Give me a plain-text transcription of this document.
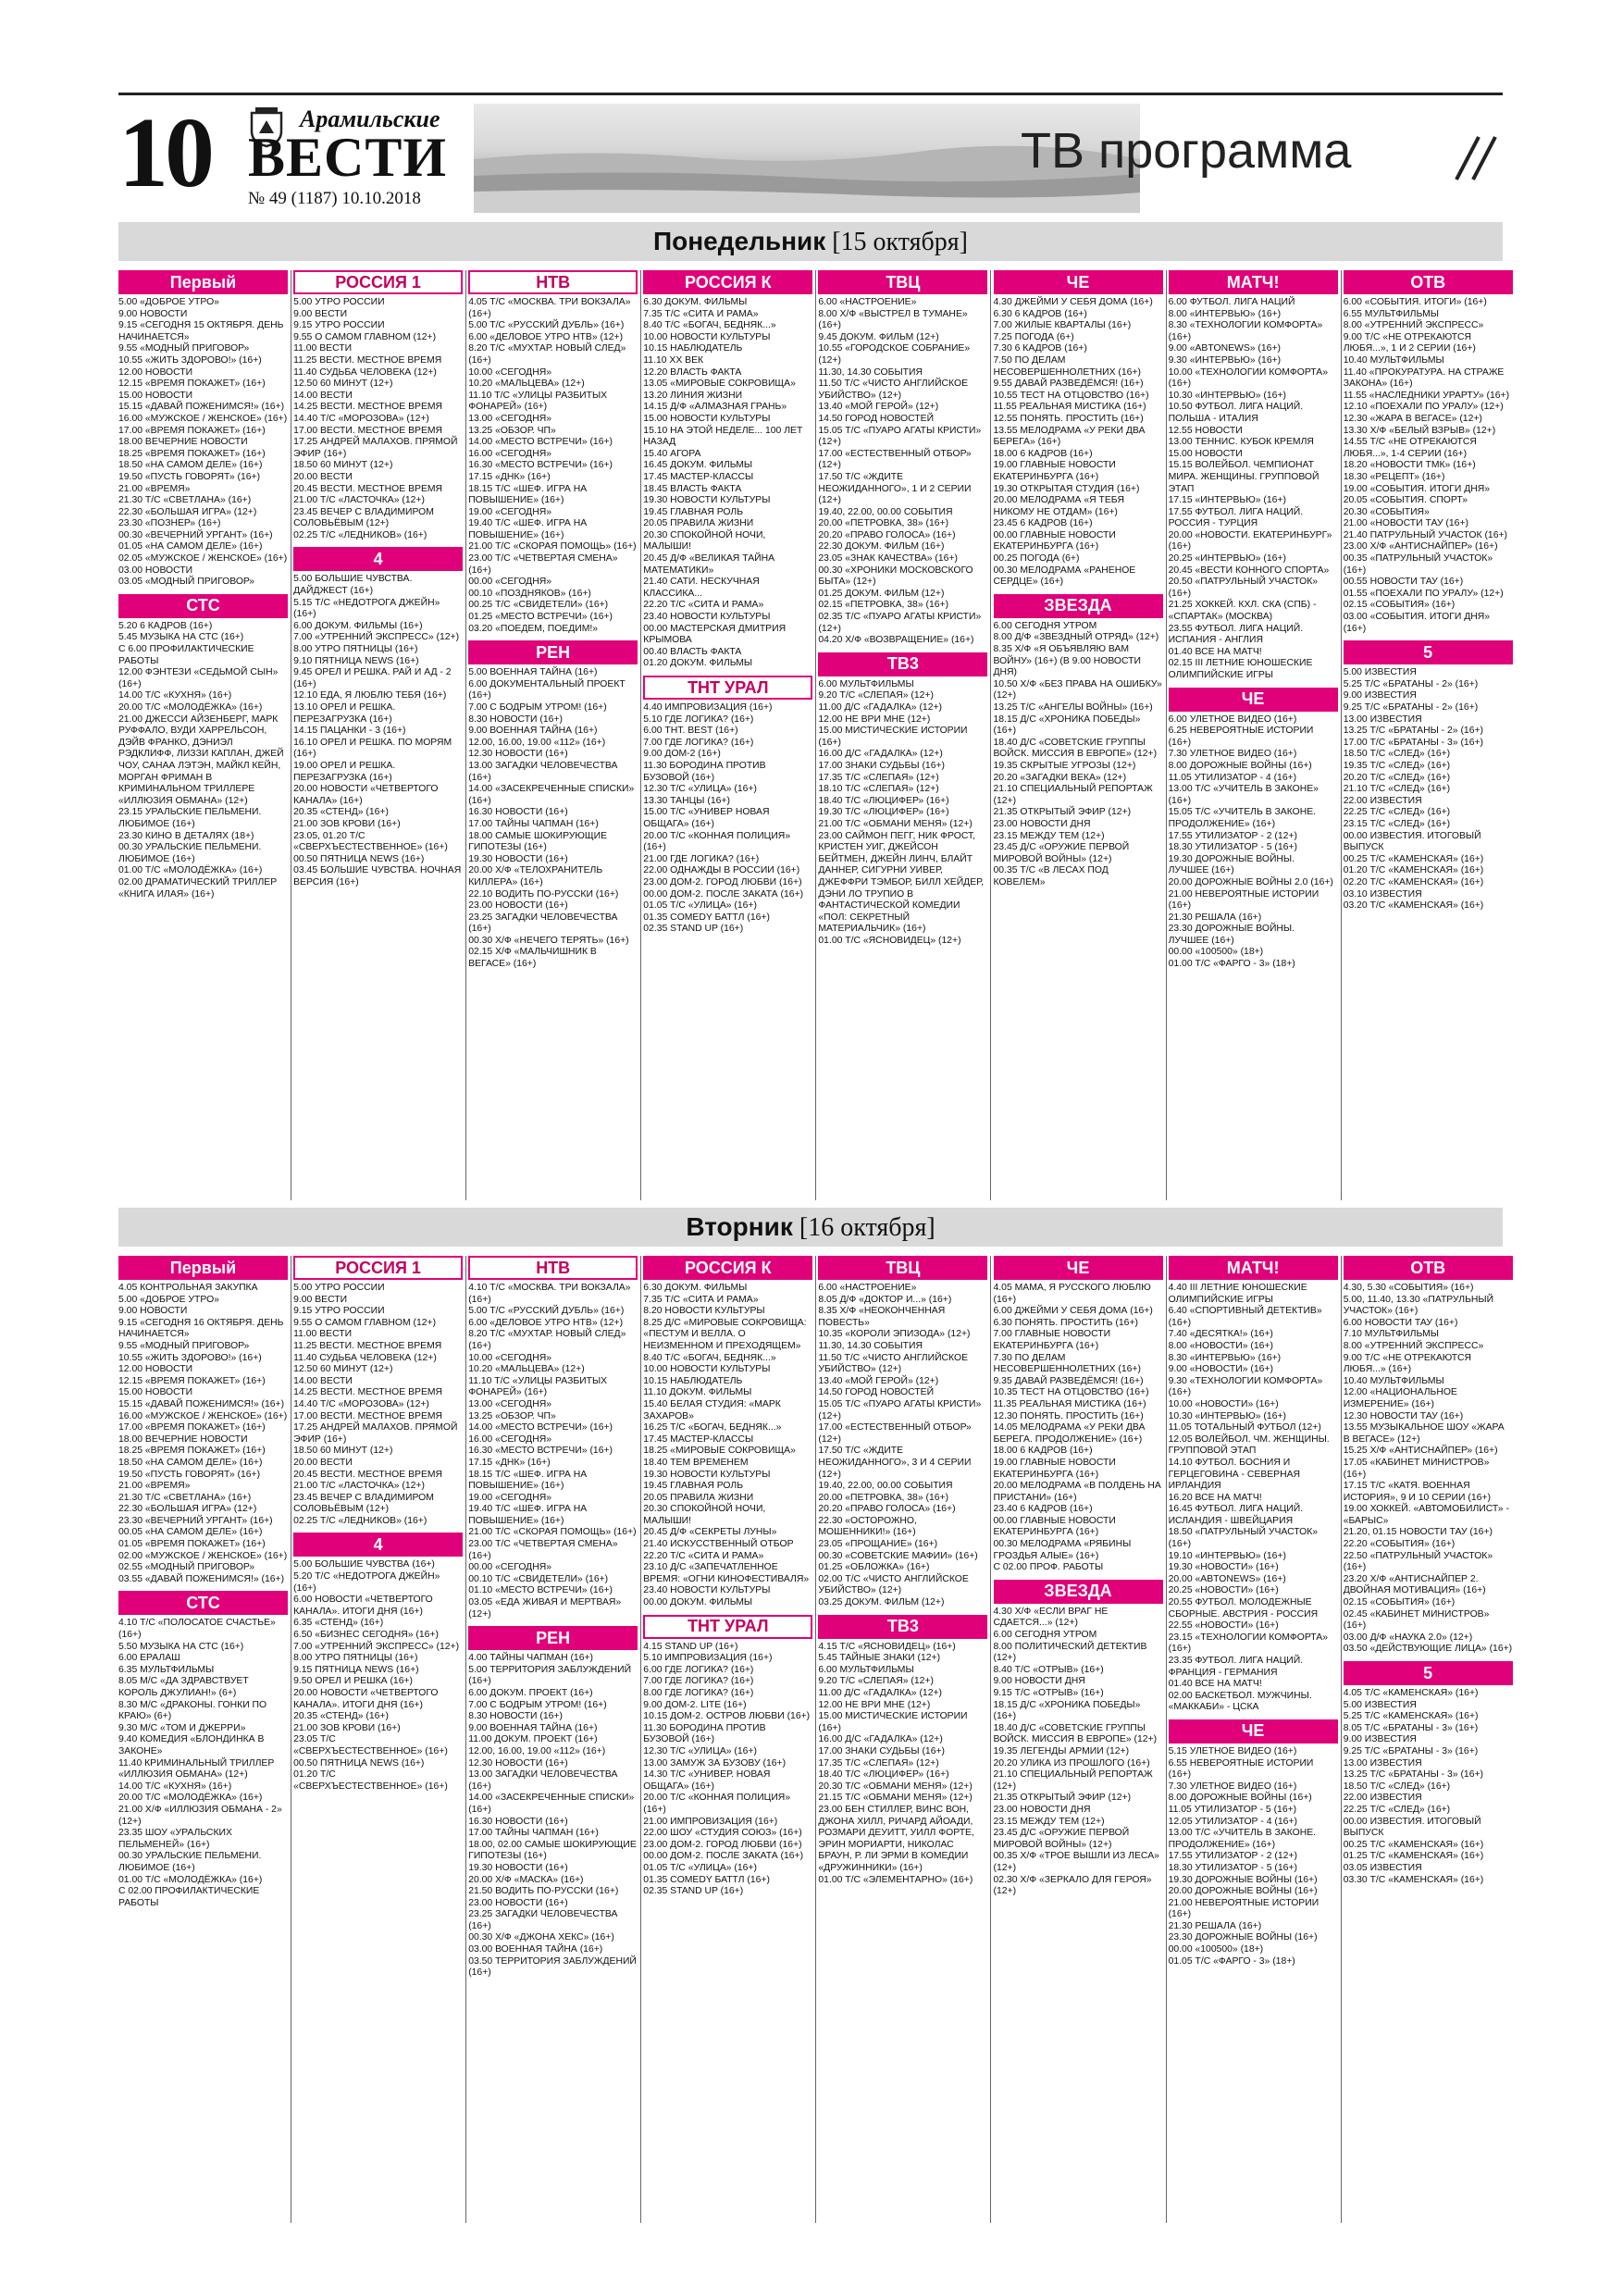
10	Арамильские
ВЕСТИ
№ 49 (1187) 10.10.2018
ТВ программа
Понедельник [15 октября]
Первый
5.00 «ДОБРОЕ УТРО»
9.00 НОВОСТИ
9.15 «СЕГОДНЯ 15 ОКТЯБРЯ. ДЕНЬ НАЧИНАЕТСЯ»
9.55 «МОДНЫЙ ПРИГОВОР»
10.55 «ЖИТЬ ЗДОРОВО!» (16+)
12.00 НОВОСТИ
12.15 «ВРЕМЯ ПОКАЖЕТ» (16+)
15.00 НОВОСТИ
15.15 «ДАВАЙ ПОЖЕНИМСЯ!» (16+)
16.00 «МУЖСКОЕ / ЖЕНСКОЕ» (16+)
17.00 «ВРЕМЯ ПОКАЖЕТ» (16+)
18.00 ВЕЧЕРНИЕ НОВОСТИ
18.25 «ВРЕМЯ ПОКАЖЕТ» (16+)
18.50 «НА САМОМ ДЕЛЕ» (16+)
19.50 «ПУСТЬ ГОВОРЯТ» (16+)
21.00 «ВРЕМЯ»
21.30 Т/С «СВЕТЛАНА» (16+)
22.30 «БОЛЬШАЯ ИГРА» (12+)
23.30 «ПОЗНЕР» (16+)
00.30 «ВЕЧЕРНИЙ УРГАНТ» (16+)
01.05 «НА САМОМ ДЕЛЕ» (16+)
02.05 «МУЖСКОЕ / ЖЕНСКОЕ» (16+)
03.00 НОВОСТИ
03.05 «МОДНЫЙ ПРИГОВОР»
СТС
5.20 6 КАДРОВ (16+)
5.45 МУЗЫКА НА СТС (16+)
С 6.00 ПРОФИЛАКТИЧЕСКИЕ РАБОТЫ
12.00 ФЭНТЕЗИ «СЕДЬМОЙ СЫН» (16+)
14.00 Т/С «КУХНЯ» (16+)
20.00 Т/С «МОЛОДЁЖКА» (16+)
21.00 ДЖЕССИ АЙЗЕНБЕРГ, МАРК РУФФАЛО, ВУДИ ХАРРЕЛЬСОН, ДЭЙВ ФРАНКО, ДЭНИЭЛ РЭДКЛИФФ, ЛИЗЗИ КАПЛАН, ДЖЕЙ ЧОУ, САНАА ЛЭТЭН, МАЙКЛ КЕЙН, МОРГАН ФРИМАН В КРИМИНАЛЬНОМ ТРИЛЛЕРЕ «ИЛЛЮЗИЯ ОБМАНА» (12+)
23.15 УРАЛЬСКИЕ ПЕЛЬМЕНИ. ЛЮБИМОЕ (16+)
23.30 КИНО В ДЕТАЛЯХ (18+)
00.30 УРАЛЬСКИЕ ПЕЛЬМЕНИ. ЛЮБИМОЕ (16+)
01.00 Т/С «МОЛОДЁЖКА» (16+)
02.00 ДРАМАТИЧЕСКИЙ ТРИЛЛЕР «КНИГА ИЛАЯ» (16+)
РОССИЯ 1
5.00 УТРО РОССИИ
9.00 ВЕСТИ
9.15 УТРО РОССИИ
9.55 О САМОМ ГЛАВНОМ (12+)
11.00 ВЕСТИ
11.25 ВЕСТИ. МЕСТНОЕ ВРЕМЯ
11.40 СУДЬБА ЧЕЛОВЕКА (12+)
12.50 60 МИНУТ (12+)
14.00 ВЕСТИ
14.25 ВЕСТИ. МЕСТНОЕ ВРЕМЯ
14.40 Т/С «МОРОЗОВА» (12+)
17.00 ВЕСТИ. МЕСТНОЕ ВРЕМЯ
17.25 АНДРЕЙ МАЛАХОВ. ПРЯМОЙ ЭФИР (16+)
18.50 60 МИНУТ (12+)
20.00 ВЕСТИ
20.45 ВЕСТИ. МЕСТНОЕ ВРЕМЯ
21.00 Т/С «ЛАСТОЧКА» (12+)
23.45 ВЕЧЕР С ВЛАДИМИРОМ СОЛОВЬЁВЫМ (12+)
02.25 Т/С «ЛЕДНИКОВ» (16+)
4
5.00 БОЛЬШИЕ ЧУВСТВА. ДАЙДЖЕСТ (16+)
5.15 Т/С «НЕДОТРОГА ДЖЕЙН» (16+)
6.00 ДОКУМ. ФИЛЬМЫ (16+)
7.00 «УТРЕННИЙ ЭКСПРЕСС» (12+)
8.00 УТРО ПЯТНИЦЫ (16+)
9.10 ПЯТНИЦА NEWS (16+)
9.45 ОРЕЛ И РЕШКА. РАЙ И АД - 2 (16+)
12.10 ЕДА, Я ЛЮБЛЮ ТЕБЯ (16+)
13.10 ОРЕЛ И РЕШКА. ПЕРЕЗАГРУЗКА (16+)
14.15 ПАЦАНКИ - 3 (16+)
16.10 ОРЕЛ И РЕШКА. ПО МОРЯМ (16+)
19.00 ОРЕЛ И РЕШКА. ПЕРЕЗАГРУЗКА (16+)
20.00 НОВОСТИ «ЧЕТВЕРТОГО КАНАЛА» (16+)
20.35 «СТЕНД» (16+)
21.00 ЗОВ КРОВИ (16+)
23.05, 01.20 Т/С «СВЕРХЪЕСТЕСТВЕННОЕ» (16+)
00.50 ПЯТНИЦА NEWS (16+)
03.45 БОЛЬШИЕ ЧУВСТВА. НОЧНАЯ ВЕРСИЯ (16+)
НТВ
4.05 Т/С «МОСКВА. ТРИ ВОКЗАЛА» (16+)
5.00 Т/С «РУССКИЙ ДУБЛЬ» (16+)
6.00 «ДЕЛОВОЕ УТРО НТВ» (12+)
8.20 Т/С «МУХТАР. НОВЫЙ СЛЕД» (16+)
10.00 «СЕГОДНЯ»
10.20 «МАЛЬЦЕВА» (12+)
11.10 Т/С «УЛИЦЫ РАЗБИТЫХ ФОНАРЕЙ» (16+)
13.00 «СЕГОДНЯ»
13.25 «ОБЗОР. ЧП»
14.00 «МЕСТО ВСТРЕЧИ» (16+)
16.00 «СЕГОДНЯ»
16.30 «МЕСТО ВСТРЕЧИ» (16+)
17.15 «ДНК» (16+)
18.15 Т/С «ШЕФ. ИГРА НА ПОВЫШЕНИЕ» (16+)
19.00 «СЕГОДНЯ»
19.40 Т/С «ШЕФ. ИГРА НА ПОВЫШЕНИЕ» (16+)
21.00 Т/С «СКОРАЯ ПОМОЩЬ» (16+)
23.00 Т/С «ЧЕТВЕРТАЯ СМЕНА» (16+)
00.00 «СЕГОДНЯ»
00.10 «ПОЗДНЯКОВ» (16+)
00.25 Т/С «СВИДЕТЕЛИ» (16+)
01.25 «МЕСТО ВСТРЕЧИ» (16+)
03.20 «ПОЕДЕМ, ПОЕДИМ!»
РЕН
5.00 ВОЕННАЯ ТАЙНА (16+)
6.00 ДОКУМЕНТАЛЬНЫЙ ПРОЕКТ (16+)
7.00 С БОДРЫМ УТРОМ! (16+)
8.30 НОВОСТИ (16+)
9.00 ВОЕННАЯ ТАЙНА (16+)
12.00, 16.00, 19.00 «112» (16+)
12.30 НОВОСТИ (16+)
13.00 ЗАГАДКИ ЧЕЛОВЕЧЕСТВА (16+)
14.00 «ЗАСЕКРЕЧЕННЫЕ СПИСКИ» (16+)
16.30 НОВОСТИ (16+)
17.00 ТАЙНЫ ЧАПМАН (16+)
18.00 САМЫЕ ШОКИРУЮЩИЕ ГИПОТЕЗЫ (16+)
19.30 НОВОСТИ (16+)
20.00 Х/Ф «ТЕЛОХРАНИТЕЛЬ КИЛЛЕРА» (16+)
22.10 ВОДИТЬ ПО-РУССКИ (16+)
23.00 НОВОСТИ (16+)
23.25 ЗАГАДКИ ЧЕЛОВЕЧЕСТВА (16+)
00.30 Х/Ф «НЕЧЕГО ТЕРЯТЬ» (16+)
02.15 Х/Ф «МАЛЬЧИШНИК В ВЕГАСЕ» (16+)
РОССИЯ К
6.30 ДОКУМ. ФИЛЬМЫ
7.35 Т/С «СИТА И РАМА»
8.40 Т/С «БОГАЧ, БЕДНЯК...»
10.00 НОВОСТИ КУЛЬТУРЫ
10.15 НАБЛЮДАТЕЛЬ
11.10 XX ВЕК
12.20 ВЛАСТЬ ФАКТА
13.05 «МИРОВЫЕ СОКРОВИЩА»
13.20 ЛИНИЯ ЖИЗНИ
14.15 Д/Ф «АЛМАЗНАЯ ГРАНЬ»
15.00 НОВОСТИ КУЛЬТУРЫ
15.10 НА ЭТОЙ НЕДЕЛЕ... 100 ЛЕТ НАЗАД
15.40 АГОРА
16.45 ДОКУМ. ФИЛЬМЫ
17.45 МАСТЕР-КЛАССЫ
18.45 ВЛАСТЬ ФАКТА
19.30 НОВОСТИ КУЛЬТУРЫ
19.45 ГЛАВНАЯ РОЛЬ
20.05 ПРАВИЛА ЖИЗНИ
20.30 СПОКОЙНОЙ НОЧИ, МАЛЫШИ!
20.45 Д/Ф «ВЕЛИКАЯ ТАЙНА МАТЕМАТИКИ»
21.40 САТИ. НЕСКУЧНАЯ КЛАССИКА...
22.20 Т/С «СИТА И РАМА»
23.40 НОВОСТИ КУЛЬТУРЫ
00.00 МАСТЕРСКАЯ ДМИТРИЯ КРЫМОВА
00.40 ВЛАСТЬ ФАКТА
01.20 ДОКУМ. ФИЛЬМЫ
ТНТ УРАЛ
4.40 ИМПРОВИЗАЦИЯ (16+)
5.10 ГДЕ ЛОГИКА? (16+)
6.00 ТНТ. BEST (16+)
7.00 ГДЕ ЛОГИКА? (16+)
9.00 ДОМ-2 (16+)
11.30 БОРОДИНА ПРОТИВ БУЗОВОЙ (16+)
12.30 Т/С «УЛИЦА» (16+)
13.30 ТАНЦЫ (16+)
15.00 Т/С «УНИВЕР НОВАЯ ОБЩАГА» (16+)
20.00 Т/С «КОННАЯ ПОЛИЦИЯ» (16+)
21.00 ГДЕ ЛОГИКА? (16+)
22.00 ОДНАЖДЫ В РОССИИ (16+)
23.00 ДОМ-2. ГОРОД ЛЮБВИ (16+)
00.00 ДОМ-2. ПОСЛЕ ЗАКАТА (16+)
01.05 Т/С «УЛИЦА» (16+)
01.35 COMEDY БАТТЛ (16+)
02.35 STAND UP (16+)
ТВЦ
6.00 «НАСТРОЕНИЕ»
8.00 Х/Ф «ВЫСТРЕЛ В ТУМАНЕ» (16+)
9.45 ДОКУМ. ФИЛЬМ (12+)
10.55 «ГОРОДСКОЕ СОБРАНИЕ» (12+)
11.30, 14.30 СОБЫТИЯ
11.50 Т/С «ЧИСТО АНГЛИЙСКОЕ УБИЙСТВО» (12+)
13.40 «МОЙ ГЕРОЙ» (12+)
14.50 ГОРОД НОВОСТЕЙ
15.05 Т/С «ПУАРО АГАТЫ КРИСТИ» (12+)
17.00 «ЕСТЕСТВЕННЫЙ ОТБОР» (12+)
17.50 Т/С «ЖДИТЕ НЕОЖИДАННОГО», 1 И 2 СЕРИИ (12+)
19.40, 22.00, 00.00 СОБЫТИЯ
20.00 «ПЕТРОВКА, 38» (16+)
20.20 «ПРАВО ГОЛОСА» (16+)
22.30 ДОКУМ. ФИЛЬМ (16+)
23.05 «ЗНАК КАЧЕСТВА» (16+)
00.30 «ХРОНИКИ МОСКОВСКОГО БЫТА» (12+)
01.25 ДОКУМ. ФИЛЬМ (12+)
02.15 «ПЕТРОВКА, 38» (16+)
02.35 Т/С «ПУАРО АГАТЫ КРИСТИ» (12+)
04.20 Х/Ф «ВОЗВРАЩЕНИЕ» (16+)
ТВ3
6.00 МУЛЬТФИЛЬМЫ
9.20 Т/С «СЛЕПАЯ» (12+)
11.00 Д/С «ГАДАЛКА» (12+)
12.00 НЕ ВРИ МНЕ (12+)
15.00 МИСТИЧЕСКИЕ ИСТОРИИ (16+)
16.00 Д/С «ГАДАЛКА» (12+)
17.00 ЗНАКИ СУДЬБЫ (16+)
17.35 Т/С «СЛЕПАЯ» (12+)
18.10 Т/С «СЛЕПАЯ» (12+)
18.40 Т/С «ЛЮЦИФЕР» (16+)
19.30 Т/С «ЛЮЦИФЕР» (16+)
21.00 Т/С «ОБМАНИ МЕНЯ» (12+)
23.00 САЙМОН ПЕГГ, НИК ФРОСТ, КРИСТЕН УИГ, ДЖЕЙСОН БЕЙТМЕН, ДЖЕЙН ЛИНЧ, БЛАЙТ ДАННЕР, СИГУРНИ УИВЕР, ДЖЕФФРИ ТЭМБОР, БИЛЛ ХЕЙДЕР, ДЭНИ ЛО ТРУПИО В ФАНТАСТИЧЕСКОЙ КОМЕДИИ «ПОЛ: СЕКРЕТНЫЙ МАТЕРИАЛЬЧИК» (16+)
01.00 Т/С «ЯСНОВИДЕЦ» (12+)
ЧЕ
4.30 ДЖЕЙМИ У СЕБЯ ДОМА (16+)
6.30 6 КАДРОВ (16+)
7.00 ЖИЛЫЕ КВАРТАЛЫ (16+)
7.25 ПОГОДА (6+)
7.30 6 КАДРОВ (16+)
7.50 ПО ДЕЛАМ НЕСОВЕРШЕННОЛЕТНИХ (16+)
9.55 ДАВАЙ РАЗВЕДЁМСЯ! (16+)
10.55 ТЕСТ НА ОТЦОВСТВО (16+)
11.55 РЕАЛЬНАЯ МИСТИКА (16+)
12.55 ПОНЯТЬ. ПРОСТИТЬ (16+)
13.55 МЕЛОДРАМА «У РЕКИ ДВА БЕРЕГА» (16+)
18.00 6 КАДРОВ (16+)
19.00 ГЛАВНЫЕ НОВОСТИ ЕКАТЕРИНБУРГА (16+)
19.30 ОТКРЫТАЯ СТУДИЯ (16+)
20.00 МЕЛОДРАМА «Я ТЕБЯ НИКОМУ НЕ ОТДАМ» (16+)
23.45 6 КАДРОВ (16+)
00.00 ГЛАВНЫЕ НОВОСТИ ЕКАТЕРИНБУРГА (16+)
00.25 ПОГОДА (6+)
00.30 МЕЛОДРАМА «РАНЕНОЕ СЕРДЦЕ» (16+)
ЗВЕЗДА
6.00 СЕГОДНЯ УТРОМ
8.00 Д/Ф «ЗВЕЗДНЫЙ ОТРЯД» (12+)
8.35 Х/Ф «Я ОБЪЯВЛЯЮ ВАМ ВОЙНУ» (16+) (В 9.00 НОВОСТИ ДНЯ)
10.50 Х/Ф «БЕЗ ПРАВА НА ОШИБКУ» (12+)
13.25 Т/С «АНГЕЛЫ ВОЙНЫ» (16+)
18.15 Д/С «ХРОНИКА ПОБЕДЫ» (16+)
18.40 Д/С «СОВЕТСКИЕ ГРУППЫ ВОЙСК. МИССИЯ В ЕВРОПЕ» (12+)
19.35 СКРЫТЫЕ УГРОЗЫ (12+)
20.20 «ЗАГАДКИ ВЕКА» (12+)
21.10 СПЕЦИАЛЬНЫЙ РЕПОРТАЖ (12+)
21.35 ОТКРЫТЫЙ ЭФИР (12+)
23.00 НОВОСТИ ДНЯ
23.15 МЕЖДУ ТЕМ (12+)
23.45 Д/С «ОРУЖИЕ ПЕРВОЙ МИРОВОЙ ВОЙНЫ» (12+)
00.35 Т/С «В ЛЕСАХ ПОД КОВЕЛЕМ»
МАТЧ!
6.00 ФУТБОЛ. ЛИГА НАЦИЙ
8.00 «ИНТЕРВЬЮ» (16+)
8.30 «ТЕХНОЛОГИИ КОМФОРТА» (16+)
9.00 «ABTONEWS» (16+)
9.30 «ИНТЕРВЬЮ» (16+)
10.00 «ТЕХНОЛОГИИ КОМФОРТА» (16+)
10.30 «ИНТЕРВЬЮ» (16+)
10.50 ФУТБОЛ. ЛИГА НАЦИЙ. ПОЛЬША - ИТАЛИЯ
12.55 НОВОСТИ
13.00 ТЕННИС. КУБОК КРЕМЛЯ
15.00 НОВОСТИ
15.15 ВОЛЕЙБОЛ. ЧЕМПИОНАТ МИРА. ЖЕНЩИНЫ. ГРУППОВОЙ ЭТАП
17.15 «ИНТЕРВЬЮ» (16+)
17.55 ФУТБОЛ. ЛИГА НАЦИЙ. РОССИЯ - ТУРЦИЯ
20.00 «НОВОСТИ. ЕКАТЕРИНБУРГ» (16+)
20.25 «ИНТЕРВЬЮ» (16+)
20.45 «ВЕСТИ КОННОГО СПОРТА»
20.50 «ПАТРУЛЬНЫЙ УЧАСТОК» (16+)
21.25 ХОККЕЙ. КХЛ. СКА (СПБ) - «СПАРТАК» (МОСКВА)
23.55 ФУТБОЛ. ЛИГА НАЦИЙ. ИСПАНИЯ - АНГЛИЯ
01.40 ВСЕ НА МАТЧ!
02.15 III ЛЕТНИЕ ЮНОШЕСКИЕ ОЛИМПИЙСКИЕ ИГРЫ
ЧЕ
6.00 УЛЕТНОЕ ВИДЕО (16+)
6.25 НЕВЕРОЯТНЫЕ ИСТОРИИ (16+)
7.30 УЛЕТНОЕ ВИДЕО (16+)
8.00 ДОРОЖНЫЕ ВОЙНЫ (16+)
11.05 УТИЛИЗАТОР - 4 (16+)
13.00 Т/С «УЧИТЕЛЬ В ЗАКОНЕ» (16+)
15.05 Т/С «УЧИТЕЛЬ В ЗАКОНЕ. ПРОДОЛЖЕНИЕ» (16+)
17.55 УТИЛИЗАТОР - 2 (12+)
18.30 УТИЛИЗАТОР - 5 (16+)
19.30 ДОРОЖНЫЕ ВОЙНЫ. ЛУЧШЕЕ (16+)
20.00 ДОРОЖНЫЕ ВОЙНЫ 2.0 (16+)
21.00 НЕВЕРОЯТНЫЕ ИСТОРИИ (16+)
21.30 РЕШАЛА (16+)
23.30 ДОРОЖНЫЕ ВОЙНЫ. ЛУЧШЕЕ (16+)
00.00 «100500» (18+)
01.00 Т/С «ФАРГО - 3» (18+)
ОТВ
6.00 «СОБЫТИЯ. ИТОГИ» (16+)
6.55 МУЛЬТФИЛЬМЫ
8.00 «УТРЕННИЙ ЭКСПРЕСС»
9.00 Т/С «НЕ ОТРЕКАЮТСЯ ЛЮБЯ...», 1 И 2 СЕРИИ (16+)
10.40 МУЛЬТФИЛЬМЫ
11.40 «ПРОКУРАТУРА. НА СТРАЖЕ ЗАКОНА» (16+)
11.55 «НАСЛЕДНИКИ УРАРТУ» (16+)
12.10 «ПОЕХАЛИ ПО УРАЛУ» (12+)
12.30 «ЖАРА В ВЕГАСЕ» (12+)
13.30 Х/Ф «БЕЛЫЙ ВЗРЫВ» (12+)
14.55 Т/С «НЕ ОТРЕКАЮТСЯ ЛЮБЯ...», 1-4 СЕРИИ (16+)
18.20 «НОВОСТИ ТМК» (16+)
18.30 «РЕЦЕПТ» (16+)
19.00 «СОБЫТИЯ. ИТОГИ ДНЯ»
20.05 «СОБЫТИЯ. СПОРТ»
20.30 «СОБЫТИЯ»
21.00 «НОВОСТИ ТАУ (16+)
21.40 ПАТРУЛЬНЫЙ УЧАСТОК (16+)
23.00 Х/Ф «АНТИСНАЙПЕР» (16+)
00.35 «ПАТРУЛЬНЫЙ УЧАСТОК» (16+)
00.55 НОВОСТИ ТАУ (16+)
01.55 «ПОЕХАЛИ ПО УРАЛУ» (12+)
02.15 «СОБЫТИЯ» (16+)
03.00 «СОБЫТИЯ. ИТОГИ ДНЯ» (16+)
5
5.00 ИЗВЕСТИЯ
5.25 Т/С «БРАТАНЫ - 2» (16+)
9.00 ИЗВЕСТИЯ
9.25 Т/С «БРАТАНЫ - 2» (16+)
13.00 ИЗВЕСТИЯ
13.25 Т/С «БРАТАНЫ - 2» (16+)
17.00 Т/С «БРАТАНЫ - 3» (16+)
18.50 Т/С «СЛЕД» (16+)
19.35 Т/С «СЛЕД» (16+)
20.20 Т/С «СЛЕД» (16+)
21.10 Т/С «СЛЕД» (16+)
22.00 ИЗВЕСТИЯ
22.25 Т/С «СЛЕД» (16+)
23.15 Т/С «СЛЕД» (16+)
00.00 ИЗВЕСТИЯ. ИТОГОВЫЙ ВЫПУСК
00.25 Т/С «КАМЕНСКАЯ» (16+)
01.20 Т/С «КАМЕНСКАЯ» (16+)
02.20 Т/С «КАМЕНСКАЯ» (16+)
03.10 ИЗВЕСТИЯ
03.20 Т/С «КАМЕНСКАЯ» (16+)
Вторник [16 октября]
Первый
4.05 КОНТРОЛЬНАЯ ЗАКУПКА
5.00 «ДОБРОЕ УТРО»
9.00 НОВОСТИ
9.15 «СЕГОДНЯ 16 ОКТЯБРЯ. ДЕНЬ НАЧИНАЕТСЯ»
9.55 «МОДНЫЙ ПРИГОВОР»
10.55 «ЖИТЬ ЗДОРОВО!» (16+)
12.00 НОВОСТИ
12.15 «ВРЕМЯ ПОКАЖЕТ» (16+)
15.00 НОВОСТИ
15.15 «ДАВАЙ ПОЖЕНИМСЯ!» (16+)
16.00 «МУЖСКОЕ / ЖЕНСКОЕ» (16+)
17.00 «ВРЕМЯ ПОКАЖЕТ» (16+)
18.00 ВЕЧЕРНИЕ НОВОСТИ
18.25 «ВРЕМЯ ПОКАЖЕТ» (16+)
18.50 «НА САМОМ ДЕЛЕ» (16+)
19.50 «ПУСТЬ ГОВОРЯТ» (16+)
21.00 «ВРЕМЯ»
21.30 Т/С «СВЕТЛАНА» (16+)
22.30 «БОЛЬШАЯ ИГРА» (12+)
23.30 «ВЕЧЕРНИЙ УРГАНТ» (16+)
00.05 «НА САМОМ ДЕЛЕ» (16+)
01.05 «ВРЕМЯ ПОКАЖЕТ» (16+)
02.00 «МУЖСКОЕ / ЖЕНСКОЕ» (16+)
02.55 «МОДНЫЙ ПРИГОВОР»
03.55 «ДАВАЙ ПОЖЕНИМСЯ!» (16+)
СТС
4.10 Т/С «ПОЛОСАТОЕ СЧАСТЬЕ» (16+)
5.50 МУЗЫКА НА СТС (16+)
6.00 ЕРАЛАШ
6.35 МУЛЬТФИЛЬМЫ
8.05 М/С «ДА ЗДРАВСТВУЕТ КОРОЛЬ ДЖУЛИАН!» (6+)
8.30 М/С «ДРАКОНЫ. ГОНКИ ПО КРАЮ» (6+)
9.30 М/С «ТОМ И ДЖЕРРИ»
9.40 КОМЕДИЯ «БЛОНДИНКА В ЗАКОНЕ»
11.40 КРИМИНАЛЬНЫЙ ТРИЛЛЕР «ИЛЛЮЗИЯ ОБМАНА» (12+)
14.00 Т/С «КУХНЯ» (16+)
20.00 Т/С «МОЛОДЁЖКА» (16+)
21.00 Х/Ф «ИЛЛЮЗИЯ ОБМАНА - 2» (12+)
23.35 ШОУ «УРАЛЬСКИХ ПЕЛЬМЕНЕЙ» (16+)
00.30 УРАЛЬСКИЕ ПЕЛЬМЕНИ. ЛЮБИМОЕ (16+)
01.00 Т/С «МОЛОДЁЖКА» (16+)
С 02.00 ПРОФИЛАКТИЧЕСКИЕ РАБОТЫ
РОССИЯ 1
5.00 УТРО РОССИИ
9.00 ВЕСТИ
9.15 УТРО РОССИИ
9.55 О САМОМ ГЛАВНОМ (12+)
11.00 ВЕСТИ
11.25 ВЕСТИ. МЕСТНОЕ ВРЕМЯ
11.40 СУДЬБА ЧЕЛОВЕКА (12+)
12.50 60 МИНУТ (12+)
14.00 ВЕСТИ
14.25 ВЕСТИ. МЕСТНОЕ ВРЕМЯ
14.40 Т/С «МОРОЗОВА» (12+)
17.00 ВЕСТИ. МЕСТНОЕ ВРЕМЯ
17.25 АНДРЕЙ МАЛАХОВ. ПРЯМОЙ ЭФИР (16+)
18.50 60 МИНУТ (12+)
20.00 ВЕСТИ
20.45 ВЕСТИ. МЕСТНОЕ ВРЕМЯ
21.00 Т/С «ЛАСТОЧКА» (12+)
23.45 ВЕЧЕР С ВЛАДИМИРОМ СОЛОВЬЁВЫМ (12+)
02.25 Т/С «ЛЕДНИКОВ» (16+)
4
5.00 БОЛЬШИЕ ЧУВСТВА (16+)
5.20 Т/С «НЕДОТРОГА ДЖЕЙН» (16+)
6.00 НОВОСТИ «ЧЕТВЕРТОГО КАНАЛА». ИТОГИ ДНЯ (16+)
6.35 «СТЕНД» (16+)
6.50 «БИЗНЕС СЕГОДНЯ» (16+)
7.00 «УТРЕННИЙ ЭКСПРЕСС» (12+)
8.00 УТРО ПЯТНИЦЫ (16+)
9.15 ПЯТНИЦА NEWS (16+)
9.50 ОРЕЛ И РЕШКА (16+)
20.00 НОВОСТИ «ЧЕТВЕРТОГО КАНАЛА». ИТОГИ ДНЯ (16+)
20.35 «СТЕНД» (16+)
21.00 ЗОВ КРОВИ (16+)
23.05 Т/С «СВЕРХЪЕСТЕСТВЕННОЕ» (16+)
00.50 ПЯТНИЦА NEWS (16+)
01.20 Т/С «СВЕРХЪЕСТЕСТВЕННОЕ» (16+)
НТВ
4.10 Т/С «МОСКВА. ТРИ ВОКЗАЛА» (16+)
5.00 Т/С «РУССКИЙ ДУБЛЬ» (16+)
6.00 «ДЕЛОВОЕ УТРО НТВ» (12+)
8.20 Т/С «МУХТАР. НОВЫЙ СЛЕД» (16+)
10.00 «СЕГОДНЯ»
10.20 «МАЛЬЦЕВА» (12+)
11.10 Т/С «УЛИЦЫ РАЗБИТЫХ ФОНАРЕЙ» (16+)
13.00 «СЕГОДНЯ»
13.25 «ОБЗОР. ЧП»
14.00 «МЕСТО ВСТРЕЧИ» (16+)
16.00 «СЕГОДНЯ»
16.30 «МЕСТО ВСТРЕЧИ» (16+)
17.15 «ДНК» (16+)
18.15 Т/С «ШЕФ. ИГРА НА ПОВЫШЕНИЕ» (16+)
19.00 «СЕГОДНЯ»
19.40 Т/С «ШЕФ. ИГРА НА ПОВЫШЕНИЕ» (16+)
21.00 Т/С «СКОРАЯ ПОМОЩЬ» (16+)
23.00 Т/С «ЧЕТВЕРТАЯ СМЕНА» (16+)
00.00 «СЕГОДНЯ»
00.10 Т/С «СВИДЕТЕЛИ» (16+)
01.10 «МЕСТО ВСТРЕЧИ» (16+)
03.05 «ЕДА ЖИВАЯ И МЕРТВАЯ» (12+)
РЕН
4.00 ТАЙНЫ ЧАПМАН (16+)
5.00 ТЕРРИТОРИЯ ЗАБЛУЖДЕНИЙ (16+)
6.00 ДОКУМ. ПРОЕКТ (16+)
7.00 С БОДРЫМ УТРОМ! (16+)
8.30 НОВОСТИ (16+)
9.00 ВОЕННАЯ ТАЙНА (16+)
11.00 ДОКУМ. ПРОЕКТ (16+)
12.00, 16.00, 19.00 «112» (16+)
12.30 НОВОСТИ (16+)
13.00 ЗАГАДКИ ЧЕЛОВЕЧЕСТВА (16+)
14.00 «ЗАСЕКРЕЧЕННЫЕ СПИСКИ» (16+)
16.30 НОВОСТИ (16+)
17.00 ТАЙНЫ ЧАПМАН (16+)
18.00, 02.00 САМЫЕ ШОКИРУЮЩИЕ ГИПОТЕЗЫ (16+)
19.30 НОВОСТИ (16+)
20.00 Х/Ф «МАСКА» (16+)
21.50 ВОДИТЬ ПО-РУССКИ (16+)
23.00 НОВОСТИ (16+)
23.25 ЗАГАДКИ ЧЕЛОВЕЧЕСТВА (16+)
00.30 Х/Ф «ДЖОНА ХЕКС» (16+)
03.00 ВОЕННАЯ ТАЙНА (16+)
03.50 ТЕРРИТОРИЯ ЗАБЛУЖДЕНИЙ (16+)
РОССИЯ К
6.30 ДОКУМ. ФИЛЬМЫ
7.35 Т/С «СИТА И РАМА»
8.20 НОВОСТИ КУЛЬТУРЫ
8.25 Д/С «МИРОВЫЕ СОКРОВИЩА: «ПЕСТУМ И ВЕЛЛА. О НЕИЗМЕННОМ И ПРЕХОДЯЩЕМ»
8.40 Т/С «БОГАЧ, БЕДНЯК...»
10.00 НОВОСТИ КУЛЬТУРЫ
10.15 НАБЛЮДАТЕЛЬ
11.10 ДОКУМ. ФИЛЬМЫ
15.40 БЕЛАЯ СТУДИЯ: «МАРК ЗАХАРОВ»
16.25 Т/С «БОГАЧ, БЕДНЯК...»
17.45 МАСТЕР-КЛАССЫ
18.25 «МИРОВЫЕ СОКРОВИЩА»
18.40 ТЕМ ВРЕМЕНЕМ
19.30 НОВОСТИ КУЛЬТУРЫ
19.45 ГЛАВНАЯ РОЛЬ
20.05 ПРАВИЛА ЖИЗНИ
20.30 СПОКОЙНОЙ НОЧИ, МАЛЫШИ!
20.45 Д/Ф «СЕКРЕТЫ ЛУНЫ»
21.40 ИСКУССТВЕННЫЙ ОТБОР
22.20 Т/С «СИТА И РАМА»
23.10 Д/С «ЗАПЕЧАТЛЕННОЕ ВРЕМЯ: «ОГНИ КИНОФЕСТИВАЛЯ»
23.40 НОВОСТИ КУЛЬТУРЫ
00.00 ДОКУМ. ФИЛЬМЫ
ТНТ УРАЛ
4.15 STAND UP (16+)
5.10 ИМПРОВИЗАЦИЯ (16+)
6.00 ГДЕ ЛОГИКА? (16+)
7.00 ГДЕ ЛОГИКА? (16+)
8.00 ГДЕ ЛОГИКА? (16+)
9.00 ДОМ-2. LITE (16+)
10.15 ДОМ-2. ОСТРОВ ЛЮБВИ (16+)
11.30 БОРОДИНА ПРОТИВ БУЗОВОЙ (16+)
12.30 Т/С «УЛИЦА» (16+)
13.00 ЗАМУЖ ЗА БУЗОВУ (16+)
14.30 Т/С «УНИВЕР. НОВАЯ ОБЩАГА» (16+)
20.00 Т/С «КОННАЯ ПОЛИЦИЯ» (16+)
21.00 ИМПРОВИЗАЦИЯ (16+)
22.00 ШОУ «СТУДИЯ СОЮЗ» (16+)
23.00 ДОМ-2. ГОРОД ЛЮБВИ (16+)
00.00 ДОМ-2. ПОСЛЕ ЗАКАТА (16+)
01.05 Т/С «УЛИЦА» (16+)
01.35 COMEDY БАТТЛ (16+)
02.35 STAND UP (16+)
ТВЦ
6.00 «НАСТРОЕНИЕ»
8.05 Д/Ф «ДОКТОР И...» (16+)
8.35 Х/Ф «НЕОКОНЧЕННАЯ ПОВЕСТЬ»
10.35 «КОРОЛИ ЭПИЗОДА» (12+)
11.30, 14.30 СОБЫТИЯ
11.50 Т/С «ЧИСТО АНГЛИЙСКОЕ УБИЙСТВО» (12+)
13.40 «МОЙ ГЕРОЙ» (12+)
14.50 ГОРОД НОВОСТЕЙ
15.05 Т/С «ПУАРО АГАТЫ КРИСТИ» (12+)
17.00 «ЕСТЕСТВЕННЫЙ ОТБОР» (12+)
17.50 Т/С «ЖДИТЕ НЕОЖИДАННОГО», 3 И 4 СЕРИИ (12+)
19.40, 22.00, 00.00 СОБЫТИЯ
20.00 «ПЕТРОВКА, 38» (16+)
20.20 «ПРАВО ГОЛОСА» (16+)
22.30 «ОСТОРОЖНО, МОШЕННИКИ!» (16+)
23.05 «ПРОЩАНИЕ» (16+)
00.30 «СОВЕТСКИЕ МАФИИ» (16+)
01.25 «ОБЛОЖКА» (16+)
02.00 Т/С «ЧИСТО АНГЛИЙСКОЕ УБИЙСТВО» (12+)
03.25 ДОКУМ. ФИЛЬМ (12+)
ТВ3
4.15 Т/С «ЯСНОВИДЕЦ» (16+)
5.45 ТАЙНЫЕ ЗНАКИ (12+)
6.00 МУЛЬТФИЛЬМЫ
9.20 Т/С «СЛЕПАЯ» (12+)
11.00 Д/С «ГАДАЛКА» (12+)
12.00 НЕ ВРИ МНЕ (12+)
15.00 МИСТИЧЕСКИЕ ИСТОРИИ (16+)
16.00 Д/С «ГАДАЛКА» (12+)
17.00 ЗНАКИ СУДЬБЫ (16+)
17.35 Т/С «СЛЕПАЯ» (12+)
18.40 Т/С «ЛЮЦИФЕР» (16+)
20.30 Т/С «ОБМАНИ МЕНЯ» (12+)
21.15 Т/С «ОБМАНИ МЕНЯ» (12+)
23.00 БЕН СТИЛЛЕР, ВИНС ВОН, ДЖОНА ХИЛЛ, РИЧАРД АЙОАДИ, РОЗМАРИ ДЕУИТТ, УИЛЛ ФОРТЕ, ЭРИН МОРИАРТИ, НИКОЛАС БРАУН, Р. ЛИ ЭРМИ В КОМЕДИИ «ДРУЖИННИКИ» (16+)
01.00 Т/С «ЭЛЕМЕНТАРНО» (16+)
ЧЕ
4.05 МАМА, Я РУССКОГО ЛЮБЛЮ (16+)
6.00 ДЖЕЙМИ У СЕБЯ ДОМА (16+)
6.30 ПОНЯТЬ. ПРОСТИТЬ (16+)
7.00 ГЛАВНЫЕ НОВОСТИ ЕКАТЕРИНБУРГА (16+)
7.30 ПО ДЕЛАМ НЕСОВЕРШЕННОЛЕТНИХ (16+)
9.35 ДАВАЙ РАЗВЕДЁМСЯ! (16+)
10.35 ТЕСТ НА ОТЦОВСТВО (16+)
11.35 РЕАЛЬНАЯ МИСТИКА (16+)
12.30 ПОНЯТЬ. ПРОСТИТЬ (16+)
14.05 МЕЛОДРАМА «У РЕКИ ДВА БЕРЕГА. ПРОДОЛЖЕНИЕ» (16+)
18.00 6 КАДРОВ (16+)
19.00 ГЛАВНЫЕ НОВОСТИ ЕКАТЕРИНБУРГА (16+)
20.00 МЕЛОДРАМА «В ПОЛДЕНЬ НА ПРИСТАНИ» (16+)
23.40 6 КАДРОВ (16+)
00.00 ГЛАВНЫЕ НОВОСТИ ЕКАТЕРИНБУРГА (16+)
00.30 МЕЛОДРАМА «РЯБИНЫ ГРОЗДЬЯ АЛЫЕ» (16+)
С 02.00 ПРОФ. РАБОТЫ
ЗВЕЗДА
4.30 Х/Ф «ЕСЛИ ВРАГ НЕ СДАЕТСЯ...» (12+)
6.00 СЕГОДНЯ УТРОМ
8.00 ПОЛИТИЧЕСКИЙ ДЕТЕКТИВ (12+)
8.40 Т/С «ОТРЫВ» (16+)
9.00 НОВОСТИ ДНЯ
9.15 Т/С «ОТРЫВ» (16+)
18.15 Д/С «ХРОНИКА ПОБЕДЫ» (16+)
18.40 Д/С «СОВЕТСКИЕ ГРУППЫ ВОЙСК. МИССИЯ В ЕВРОПЕ» (12+)
19.35 ЛЕГЕНДЫ АРМИИ (12+)
20.20 УЛИКА ИЗ ПРОШЛОГО (16+)
21.10 СПЕЦИАЛЬНЫЙ РЕПОРТАЖ (12+)
21.35 ОТКРЫТЫЙ ЭФИР (12+)
23.00 НОВОСТИ ДНЯ
23.15 МЕЖДУ ТЕМ (12+)
23.45 Д/С «ОРУЖИЕ ПЕРВОЙ МИРОВОЙ ВОЙНЫ» (12+)
00.35 Х/Ф «ТРОЕ ВЫШЛИ ИЗ ЛЕСА» (12+)
02.30 Х/Ф «ЗЕРКАЛО ДЛЯ ГЕРОЯ» (12+)
МАТЧ!
4.40 III ЛЕТНИЕ ЮНОШЕСКИЕ ОЛИМПИЙСКИЕ ИГРЫ
6.40 «СПОРТИВНЫЙ ДЕТЕКТИВ» (16+)
7.40 «ДЕСЯТКА!» (16+)
8.00 «НОВОСТИ» (16+)
8.30 «ИНТЕРВЬЮ» (16+)
9.00 «НОВОСТИ» (16+)
9.30 «ТЕХНОЛОГИИ КОМФОРТА» (16+)
10.00 «НОВОСТИ» (16+)
10.30 «ИНТЕРВЬЮ» (16+)
11.05 ТОТАЛЬНЫЙ ФУТБОЛ (12+)
12.05 ВОЛЕЙБОЛ. ЧМ. ЖЕНЩИНЫ. ГРУППОВОЙ ЭТАП
14.10 ФУТБОЛ. БОСНИЯ И ГЕРЦЕГОВИНА - СЕВЕРНАЯ ИРЛАНДИЯ
16.20 ВСЕ НА МАТЧ!
16.45 ФУТБОЛ. ЛИГА НАЦИЙ. ИСЛАНДИЯ - ШВЕЙЦАРИЯ
18.50 «ПАТРУЛЬНЫЙ УЧАСТОК» (16+)
19.10 «ИНТЕРВЬЮ» (16+)
19.30 «НОВОСТИ» (16+)
20.00 «ABTONEWS» (16+)
20.25 «НОВОСТИ» (16+)
20.55 ФУТБОЛ. МОЛОДЕЖНЫЕ СБОРНЫЕ. АВСТРИЯ - РОССИЯ
22.55 «НОВОСТИ» (16+)
23.15 «ТЕХНОЛОГИИ КОМФОРТА» (16+)
23.35 ФУТБОЛ. ЛИГА НАЦИЙ. ФРАНЦИЯ - ГЕРМАНИЯ
01.40 ВСЕ НА МАТЧ!
02.00 БАСКЕТБОЛ. МУЖЧИНЫ. «МАККАБИ» - ЦСКА
ЧЕ
5.15 УЛЕТНОЕ ВИДЕО (16+)
6.55 НЕВЕРОЯТНЫЕ ИСТОРИИ (16+)
7.30 УЛЕТНОЕ ВИДЕО (16+)
8.00 ДОРОЖНЫЕ ВОЙНЫ (16+)
11.05 УТИЛИЗАТОР - 5 (16+)
12.05 УТИЛИЗАТОР - 4 (16+)
13.00 Т/С «УЧИТЕЛЬ В ЗАКОНЕ. ПРОДОЛЖЕНИЕ» (16+)
17.55 УТИЛИЗАТОР - 2 (12+)
18.30 УТИЛИЗАТОР - 5 (16+)
19.30 ДОРОЖНЫЕ ВОЙНЫ (16+)
20.00 ДОРОЖНЫЕ ВОЙНЫ (16+)
21.00 НЕВЕРОЯТНЫЕ ИСТОРИИ (16+)
21.30 РЕШАЛА (16+)
23.30 ДОРОЖНЫЕ ВОЙНЫ (16+)
00.00 «100500» (18+)
01.05 Т/С «ФАРГО - 3» (18+)
ОТВ
4.30, 5.30 «СОБЫТИЯ» (16+)
5.00, 11.40, 13.30 «ПАТРУЛЬНЫЙ УЧАСТОК» (16+)
6.00 НОВОСТИ ТАУ (16+)
7.10 МУЛЬТФИЛЬМЫ
8.00 «УТРЕННИЙ ЭКСПРЕСС»
9.00 Т/С «НЕ ОТРЕКАЮТСЯ ЛЮБЯ...» (16+)
10.40 МУЛЬТФИЛЬМЫ
12.00 «НАЦИОНАЛЬНОЕ ИЗМЕРЕНИЕ» (16+)
12.30 НОВОСТИ ТАУ (16+)
13.55 МУЗЫКАЛЬНОЕ ШОУ «ЖАРА В ВЕГАСЕ» (12+)
15.25 Х/Ф «АНТИСНАЙПЕР» (16+)
17.05 «КАБИНЕТ МИНИСТРОВ» (16+)
17.15 Т/С «КАТЯ. ВОЕННАЯ ИСТОРИЯ», 9 И 10 СЕРИИ (16+)
19.00 ХОККЕЙ. «АВТОМОБИЛИСТ» - «БАРЫС»
21.20, 01.15 НОВОСТИ ТАУ (16+)
22.20 «СОБЫТИЯ» (16+)
22.50 «ПАТРУЛЬНЫЙ УЧАСТОК» (16+)
23.20 Х/Ф «АНТИСНАЙПЕР 2. ДВОЙНАЯ МОТИВАЦИЯ» (16+)
02.15 «СОБЫТИЯ» (16+)
02.45 «КАБИНЕТ МИНИСТРОВ» (16+)
03.00 Д/Ф «НАУКА 2.0» (12+)
03.50 «ДЕЙСТВУЮЩИЕ ЛИЦА» (16+)
5
4.05 Т/С «КАМЕНСКАЯ» (16+)
5.00 ИЗВЕСТИЯ
5.25 Т/С «КАМЕНСКАЯ» (16+)
8.05 Т/С «БРАТАНЫ - 3» (16+)
9.00 ИЗВЕСТИЯ
9.25 Т/С «БРАТАНЫ - 3» (16+)
13.00 ИЗВЕСТИЯ
13.25 Т/С «БРАТАНЫ - 3» (16+)
18.50 Т/С «СЛЕД» (16+)
22.00 ИЗВЕСТИЯ
22.25 Т/С «СЛЕД» (16+)
00.00 ИЗВЕСТИЯ. ИТОГОВЫЙ ВЫПУСК
00.25 Т/С «КАМЕНСКАЯ» (16+)
01.25 Т/С «КАМЕНСКАЯ» (16+)
03.05 ИЗВЕСТИЯ
03.30 Т/С «КАМЕНСКАЯ» (16+)
